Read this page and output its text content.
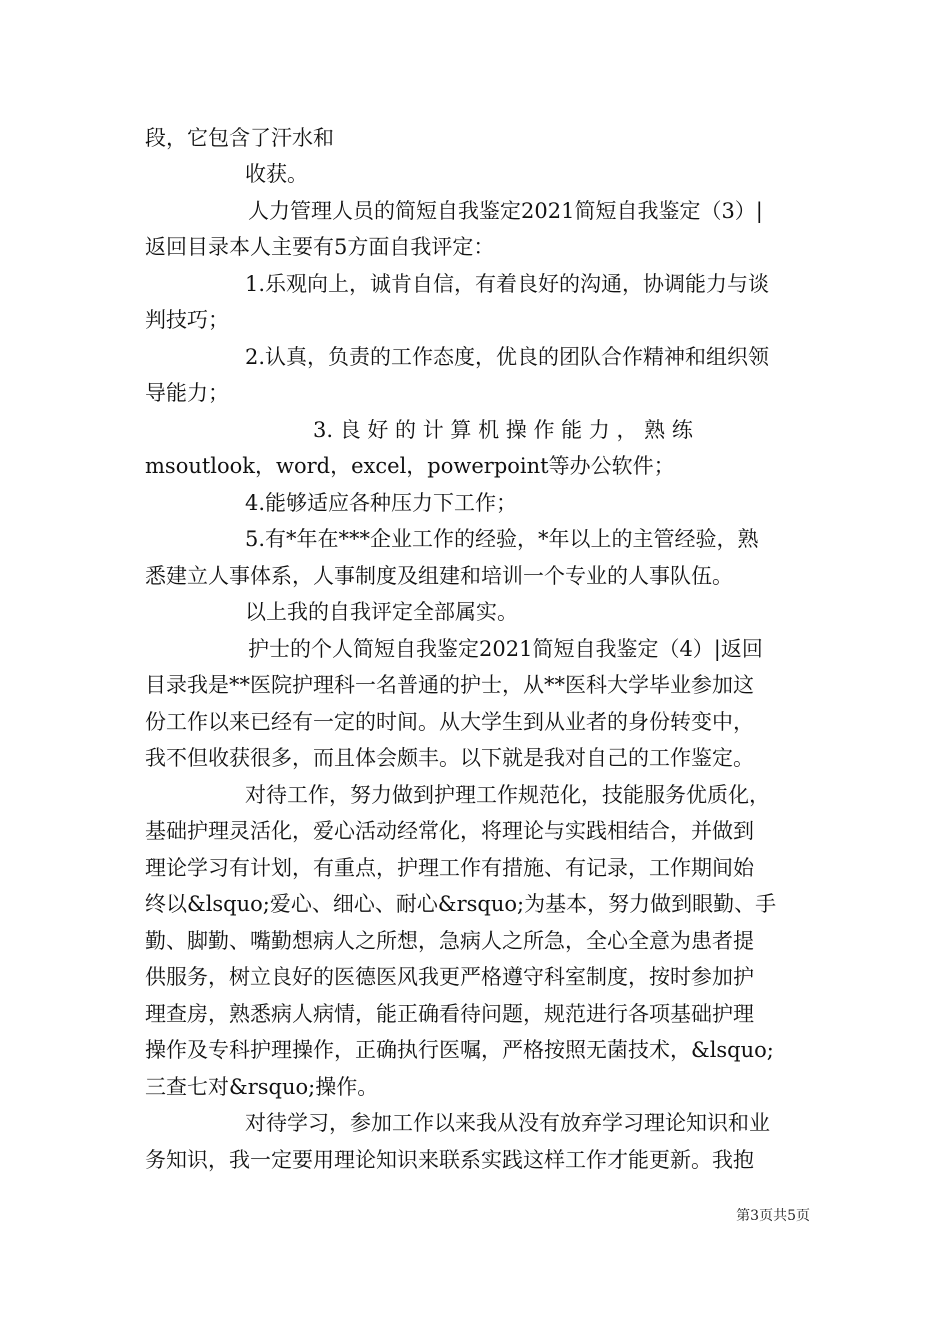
段，它包含了汗水和
收获。
人力管理人员的简短自我鉴定2021简短自我鉴定（3）|
返回目录本人主要有5方面自我评定：
1.乐观向上，诚肯自信，有着良好的沟通，协调能力与谈
判技巧；
2.认真，负责的工作态度，优良的团队合作精神和组织领
导能力；
3. 良 好 的 计 算 机 操 作 能 力 ， 熟 练
msoutlook，word，excel，powerpoint等办公软件；
4.能够适应各种压力下工作；
5.有*年在***企业工作的经验，*年以上的主管经验，熟
悉建立人事体系，人事制度及组建和培训一个专业的人事队伍。
以上我的自我评定全部属实。
护士的个人简短自我鉴定2021简短自我鉴定（4）|返回
目录我是**医院护理科一名普通的护士，从**医科大学毕业参加这
份工作以来已经有一定的时间。从大学生到从业者的身份转变中，
我不但收获很多，而且体会颇丰。以下就是我对自己的工作鉴定。
对待工作，努力做到护理工作规范化，技能服务优质化，
基础护理灵活化，爱心活动经常化，将理论与实践相结合，并做到
理论学习有计划，有重点，护理工作有措施、有记录，工作期间始
终以&lsquo;爱心、细心、耐心&rsquo;为基本，努力做到眼勤、手
勤、脚勤、嘴勤想病人之所想，急病人之所急，全心全意为患者提
供服务，树立良好的医德医风我更严格遵守科室制度，按时参加护
理查房，熟悉病人病情，能正确看待问题，规范进行各项基础护理
操作及专科护理操作，正确执行医嘱，严格按照无菌技术，&lsquo;
三查七对&rsquo;操作。
对待学习，参加工作以来我从没有放弃学习理论知识和业
务知识，我一定要用理论知识来联系实践这样工作才能更新。我抱
第3页共5页
